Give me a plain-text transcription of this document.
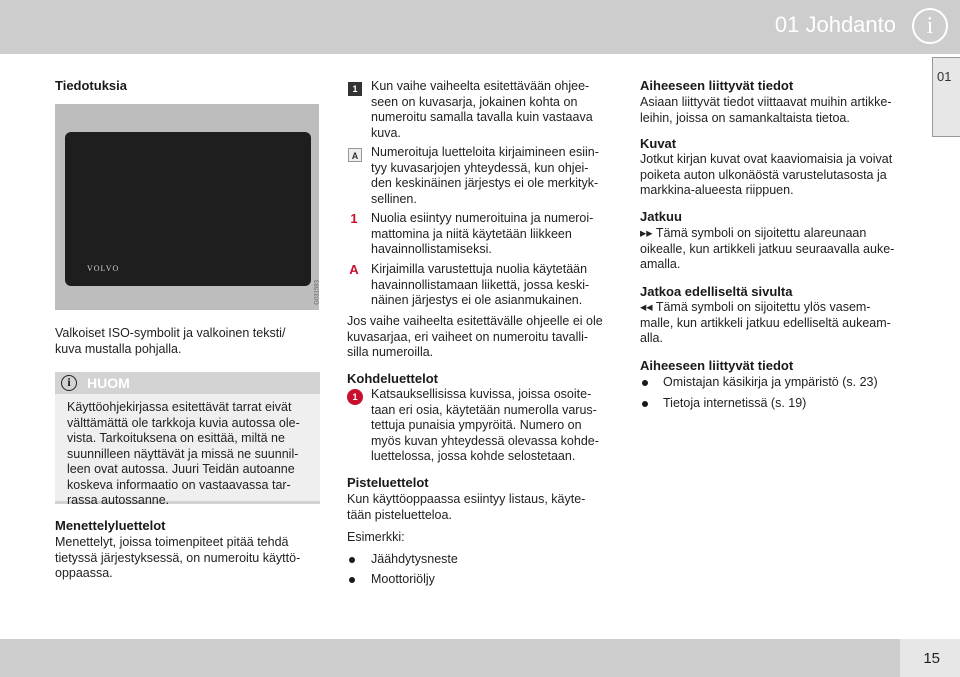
01 Johdanto	i
01
Tiedotuksia
VOLVO
G031593
Valkoiset ISO-symbolit ja valkoinen teksti/
kuva mustalla pohjalla.
i	HUOM
Käyttöohjekirjassa esitettävät tarrat eivät
välttämättä ole tarkkoja kuvia autossa ole-
vista. Tarkoituksena on esittää, miltä ne
suunnilleen näyttävät ja missä ne suunnil-
leen ovat autossa. Juuri Teidän autoanne
koskeva informaatio on vastaavassa tar-
rassa autossanne.
Menettelyluettelot
Menettelyt, joissa toimenpiteet pitää tehdä
tietyssä järjestyksessä, on numeroitu käyttö-
oppaassa.
1	Kun vaihe vaiheelta esitettävään ohjee-
seen on kuvasarja, jokainen kohta on
numeroitu samalla tavalla kuin vastaava
kuva.
A	Numeroituja luetteloita kirjaimineen esiin-
tyy kuvasarjojen yhteydessä, kun ohjei-
den keskinäinen järjestys ei ole merkityk-
sellinen.
1 Nuolia esiintyy numeroituina ja numeroi-
mattomina ja niitä käytetään liikkeen
havainnollistamiseksi.
A Kirjaimilla varustettuja nuolia käytetään
havainnollistamaan liikettä, jossa keski-
näinen järjestys ei ole asianmukainen.
Jos vaihe vaiheelta esitettävälle ohjeelle ei ole
kuvasarjaa, eri vaiheet on numeroitu tavalli-
silla numeroilla.
Kohdeluettelot
1	Katsauksellisissa kuvissa, joissa osoite-
taan eri osia, käytetään numerolla varus-
tettuja punaisia ympyröitä. Numero on
myös kuvan yhteydessä olevassa kohde-
luettelossa, jossa kohde selostetaan.
Pisteluettelot
Kun käyttöoppaassa esiintyy listaus, käyte-
tään pisteluetteloa.
Esimerkki:
Jäähdytysneste
Moottoriöljy
Aiheeseen liittyvät tiedot
Asiaan liittyvät tiedot viittaavat muihin artikke-
leihin, joissa on samankaltaista tietoa.
Kuvat
Jotkut kirjan kuvat ovat kaaviomaisia ja voivat
poiketa auton ulkonäöstä varustelutasosta ja
markkina-alueesta riippuen.
Jatkuu
▸▸ Tämä symboli on sijoitettu alareunaan
oikealle, kun artikkeli jatkuu seuraavalla auke-
amalla.
Jatkoa edelliseltä sivulta
◂◂ Tämä symboli on sijoitettu ylös vasem-
malle, kun artikkeli jatkuu edelliseltä aukeam-
alla.
Aiheeseen liittyvät tiedot
Omistajan käsikirja ja ympäristö (s. 23)
Tietoja internetissä (s. 19)
15
